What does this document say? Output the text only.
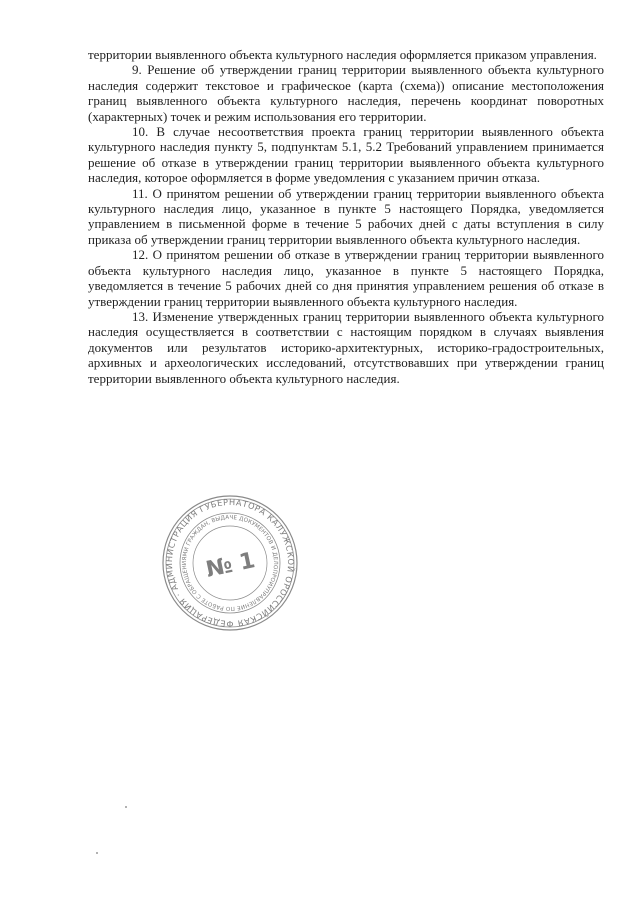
территории выявленного объекта культурного наследия оформляется приказом управления.

9. Решение об утверждении границ территории выявленного объекта культурного наследия содержит текстовое и графическое (карта (схема)) описание местоположения границ выявленного объекта культурного наследия, перечень координат поворотных (характерных) точек и режим использования его территории.

10. В случае несоответствия проекта границ территории выявленного объекта культурного наследия пункту 5, подпунктам 5.1, 5.2 Требований управлением принимается решение об отказе в утверждении границ территории выявленного объекта культурного наследия, которое оформляется в форме уведомления с указанием причин отказа.

11. О принятом решении об утверждении границ территории выявленного объекта культурного наследия лицо, указанное в пункте 5 настоящего Порядка, уведомляется управлением в письменной форме в течение 5 рабочих дней с даты вступления в силу приказа об утверждении границ территории выявленного объекта культурного наследия.

12. О принятом решении об отказе в утверждении границ территории выявленного объекта культурного наследия лицо, указанное в пункте 5 настоящего Порядка, уведомляется в течение 5 рабочих дней со дня принятия управлением решения об отказе в утверждении границ территории выявленного объекта культурного наследия.

13. Изменение утвержденных границ территории выявленного объекта культурного наследия осуществляется в соответствии с настоящим порядком в случаях выявления документов или результатов историко-архитектурных, историко-градостроительных, архивных и археологических исследований, отсутствовавших при утверждении границ территории выявленного объекта культурного наследия.

РОССИЙСКАЯ ФЕДЕРАЦИЯ · АДМИНИСТРАЦИЯ ГУБЕРНАТОРА КАЛУЖСКОЙ ОБЛАСТИ
УПРАВЛЕНИЕ ПО РАБОТЕ С ОБРАЩЕНИЯМИ ГРАЖДАН, ВЫДАЧЕ ДОКУМЕНТОВ И ДЕЛОПРОИЗВОДСТВУ
№ 1
